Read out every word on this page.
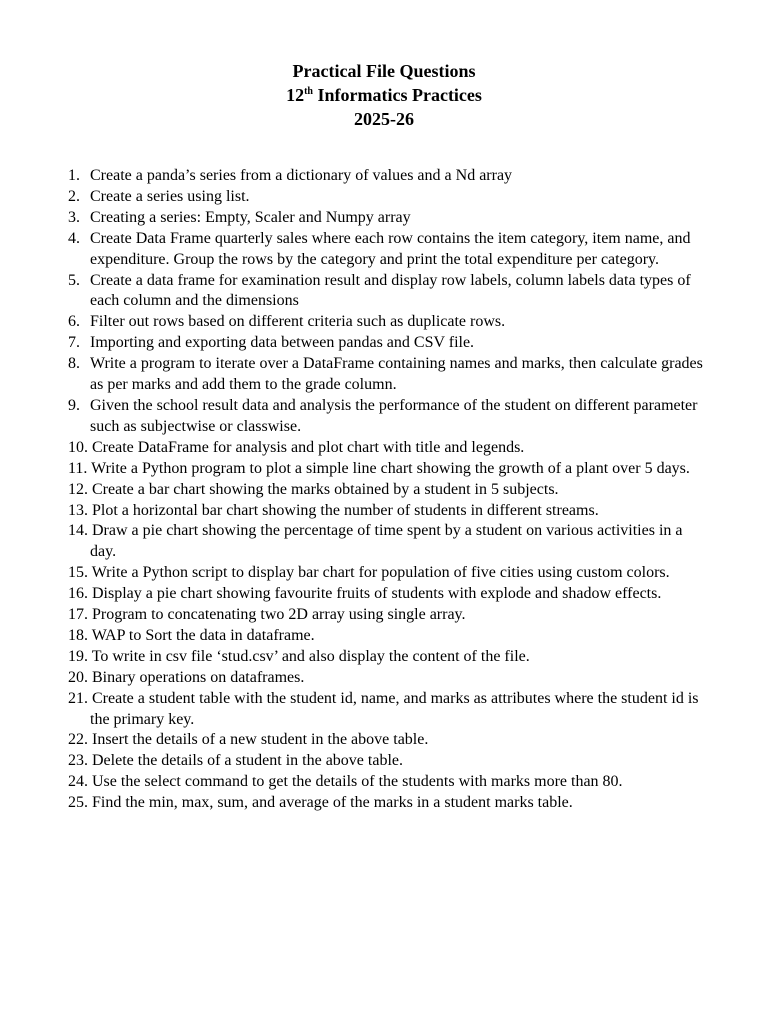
Practical File Questions
12th Informatics Practices
2025-26
1. Create a panda’s series from a dictionary of values and a Nd array
2. Create a series using list.
3. Creating a series: Empty, Scaler and Numpy array
4. Create Data Frame quarterly sales where each row contains the item category, item name, and expenditure. Group the rows by the category and print the total expenditure per category.
5. Create a data frame for examination result and display row labels, column labels data types of each column and the dimensions
6. Filter out rows based on different criteria such as duplicate rows.
7. Importing and exporting data between pandas and CSV file.
8. Write a program to iterate over a DataFrame containing names and marks, then calculate grades as per marks and add them to the grade column.
9. Given the school result data and analysis the performance of the student on different parameter such as subjectwise or classwise.
10. Create DataFrame for analysis and plot chart with title and legends.
11. Write a Python program to plot a simple line chart showing the growth of a plant over 5 days.
12. Create a bar chart showing the marks obtained by a student in 5 subjects.
13. Plot a horizontal bar chart showing the number of students in different streams.
14. Draw a pie chart showing the percentage of time spent by a student on various activities in a day.
15. Write a Python script to display bar chart for population of five cities using custom colors.
16. Display a pie chart showing favourite fruits of students with explode and shadow effects.
17. Program to concatenating two 2D array using single array.
18. WAP to Sort the data in dataframe.
19. To write in csv file ‘stud.csv’ and also display the content of the file.
20. Binary operations on dataframes.
21. Create a student table with the student id, name, and marks as attributes where the student id is the primary key.
22. Insert the details of a new student in the above table.
23. Delete the details of a student in the above table.
24. Use the select command to get the details of the students with marks more than 80.
25. Find the min, max, sum, and average of the marks in a student marks table.
